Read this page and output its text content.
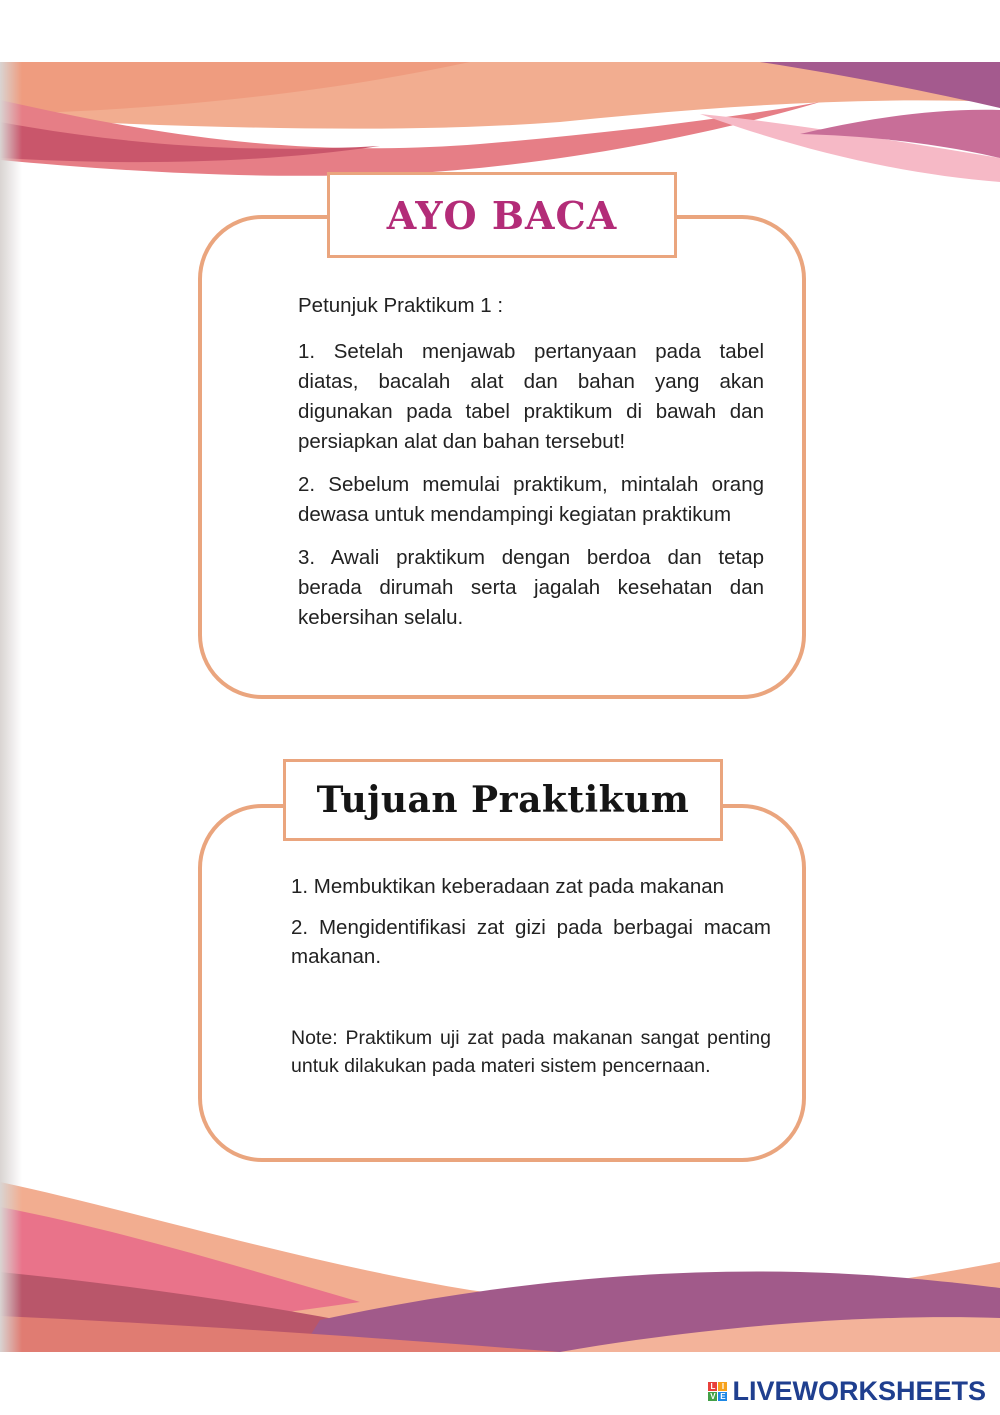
AYO BACA

Petunjuk Praktikum 1 :

1. Setelah menjawab pertanyaan pada tabel diatas, bacalah alat dan bahan yang akan digunakan pada tabel praktikum di bawah dan persiapkan alat dan bahan tersebut!

2. Sebelum memulai praktikum, mintalah orang dewasa untuk mendampingi kegiatan praktikum

3. Awali praktikum dengan berdoa dan tetap berada dirumah serta jagalah kesehatan dan kebersihan selalu.

Tujuan Praktikum

1. Membuktikan keberadaan zat pada makanan

2. Mengidentifikasi zat gizi pada berbagai macam makanan.

Note: Praktikum uji zat pada makanan sangat penting untuk dilakukan pada materi sistem pencernaan.

L I
V E LIVEWORKSHEETS
